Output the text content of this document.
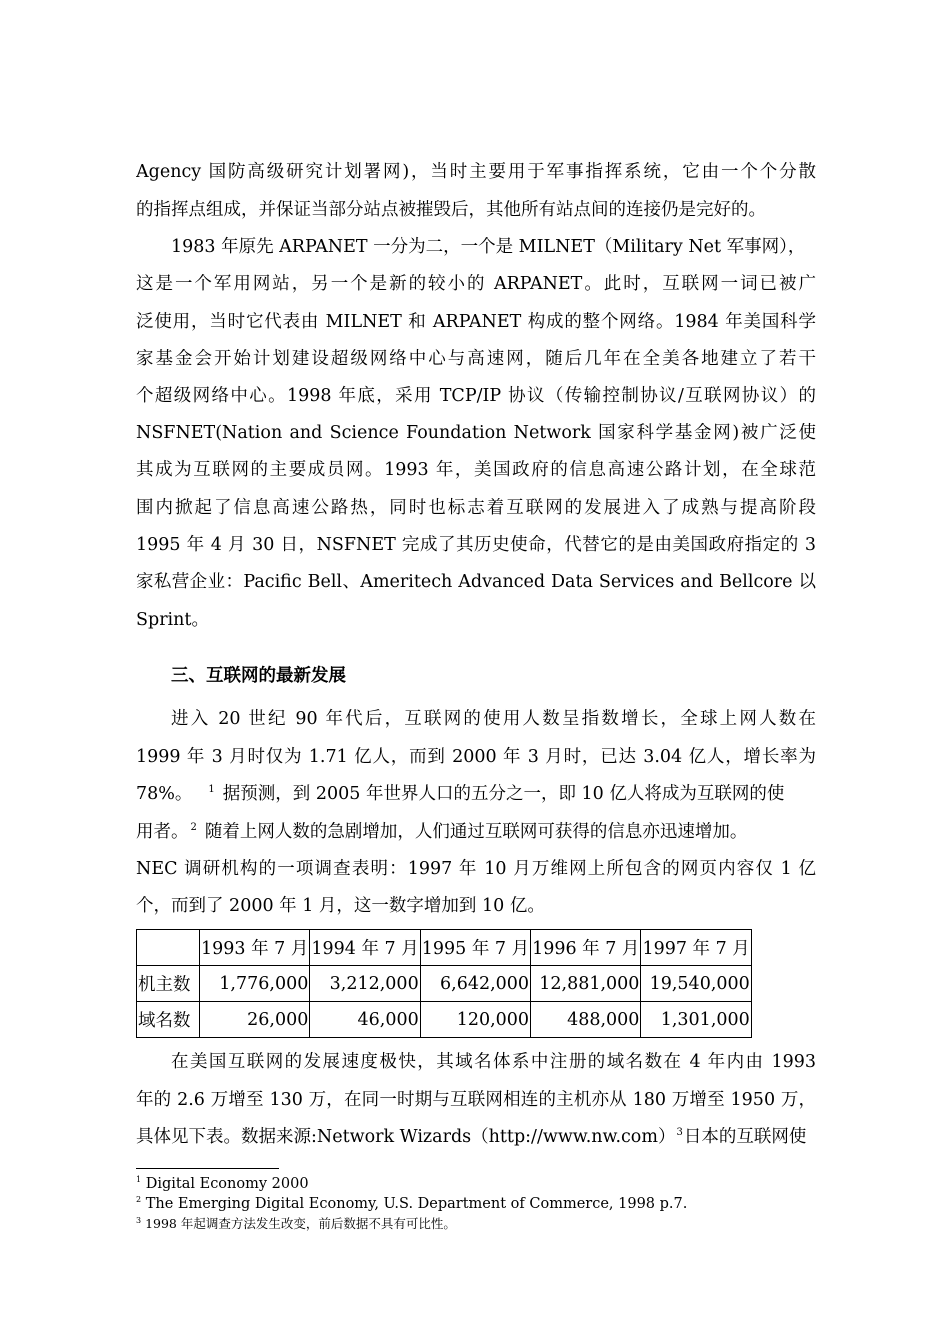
Agency 国防高级研究计划署网)，当时主要用于军事指挥系统，它由一个个分散
的指挥点组成，并保证当部分站点被摧毁后，其他所有站点间的连接仍是完好的。
1983 年原先 ARPANET 一分为二，一个是 MILNET（Military Net 军事网），
这是一个军用网站，另一个是新的较小的 ARPANET。此时，互联网一词已被广
泛使用，当时它代表由 MILNET 和 ARPANET 构成的整个网络。1984 年美国科学
家基金会开始计划建设超级网络中心与高速网，随后几年在全美各地建立了若干
个超级网络中心。1998 年底，采用 TCP/IP 协议（传输控制协议/互联网协议）的
NSFNET(Nation and Science Foundation Network 国家科学基金网)被广泛使
其成为互联网的主要成员网。1993 年，美国政府的信息高速公路计划，在全球范
围内掀起了信息高速公路热，同时也标志着互联网的发展进入了成熟与提高阶段
1995 年 4 月 30 日，NSFNET 完成了其历史使命，代替它的是由美国政府指定的 3
家私营企业：Pacific Bell、Ameritech Advanced Data Services and Bellcore 以
Sprint。
三、互联网的最新发展
进入 20 世纪 90 年代后，互联网的使用人数呈指数增长，全球上网人数在
1999 年 3 月时仅为 1.71 亿人，而到 2000 年 3 月时，已达 3.04 亿人，增长率为
78%。 $^1$ 据预测，到 2005 年世界人口的五分之一，即 10 亿人将成为互联网的使
用者。 $^2$ 随着上网人数的急剧增加，人们通过互联网可获得的信息亦迅速增加。
NEC 调研机构的一项调查表明：1997 年 10 月万维网上所包含的网页内容仅 1 亿
个，而到了 2000 年 1 月，这一数字增加到 10 亿。
	1993 年 7 月	1994 年 7 月	1995 年 7 月	1996 年 7 月	1997 年 7 月
机主数	1,776,000	3,212,000	6,642,000	12,881,000	19,540,000
域名数	26,000	46,000	120,000	488,000	1,301,000
在美国互联网的发展速度极快，其域名体系中注册的域名数在 4 年内由 1993
年的 2.6 万增至 130 万，在同一时期与互联网相连的主机亦从 180 万增至 1950 万，
具体见下表。数据来源:Network Wizards（http://www.nw.com）$^3$日本的互联网使
$^1$ Digital Economy 2000
$^2$ The Emerging Digital Economy, U.S. Department of Commerce, 1998 p.7.
$^3$ 1998 年起调查方法发生改变，前后数据不具有可比性。
